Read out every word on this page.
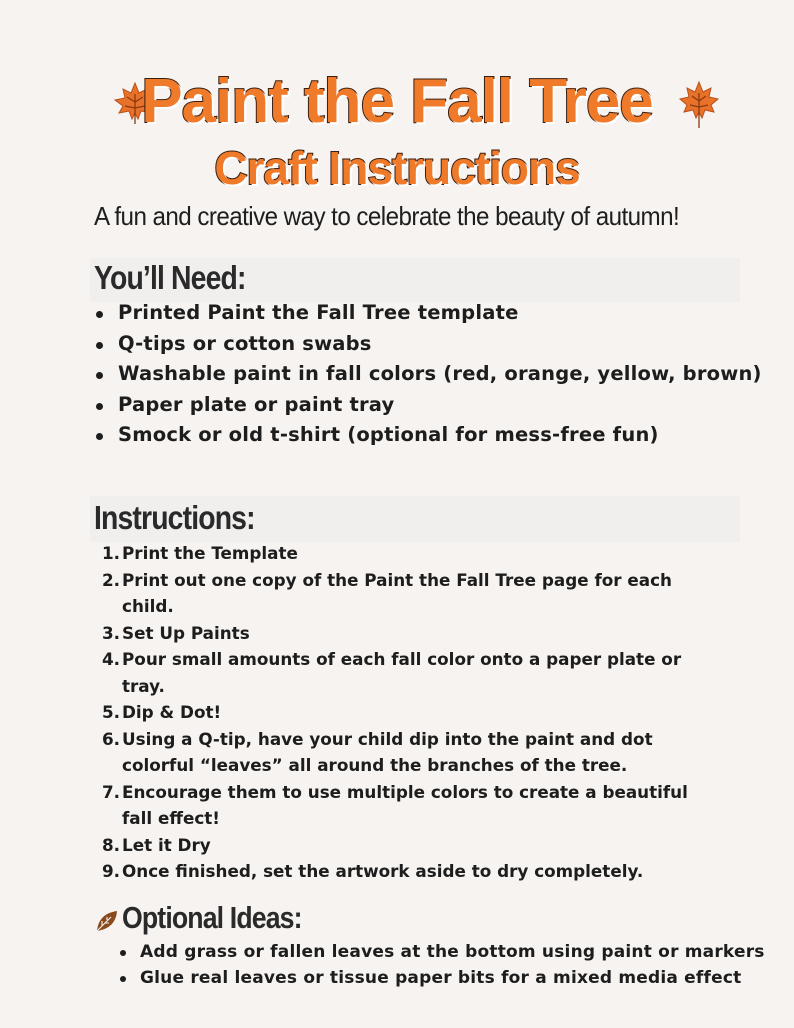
Paint the Fall Tree
Craft Instructions
A fun and creative way to celebrate the beauty of autumn!
You’ll Need:
Printed Paint the Fall Tree template
Q-tips or cotton swabs
Washable paint in fall colors (red, orange, yellow, brown)
Paper plate or paint tray
Smock or old t-shirt (optional for mess-free fun)
Instructions:
1. Print the Template
2. Print out one copy of the Paint the Fall Tree page for each child.
3. Set Up Paints
4. Pour small amounts of each fall color onto a paper plate or tray.
5. Dip & Dot!
6. Using a Q-tip, have your child dip into the paint and dot colorful “leaves” all around the branches of the tree.
7. Encourage them to use multiple colors to create a beautiful fall effect!
8. Let it Dry
9. Once finished, set the artwork aside to dry completely.
Optional Ideas:
Add grass or fallen leaves at the bottom using paint or markers
Glue real leaves or tissue paper bits for a mixed media effect
